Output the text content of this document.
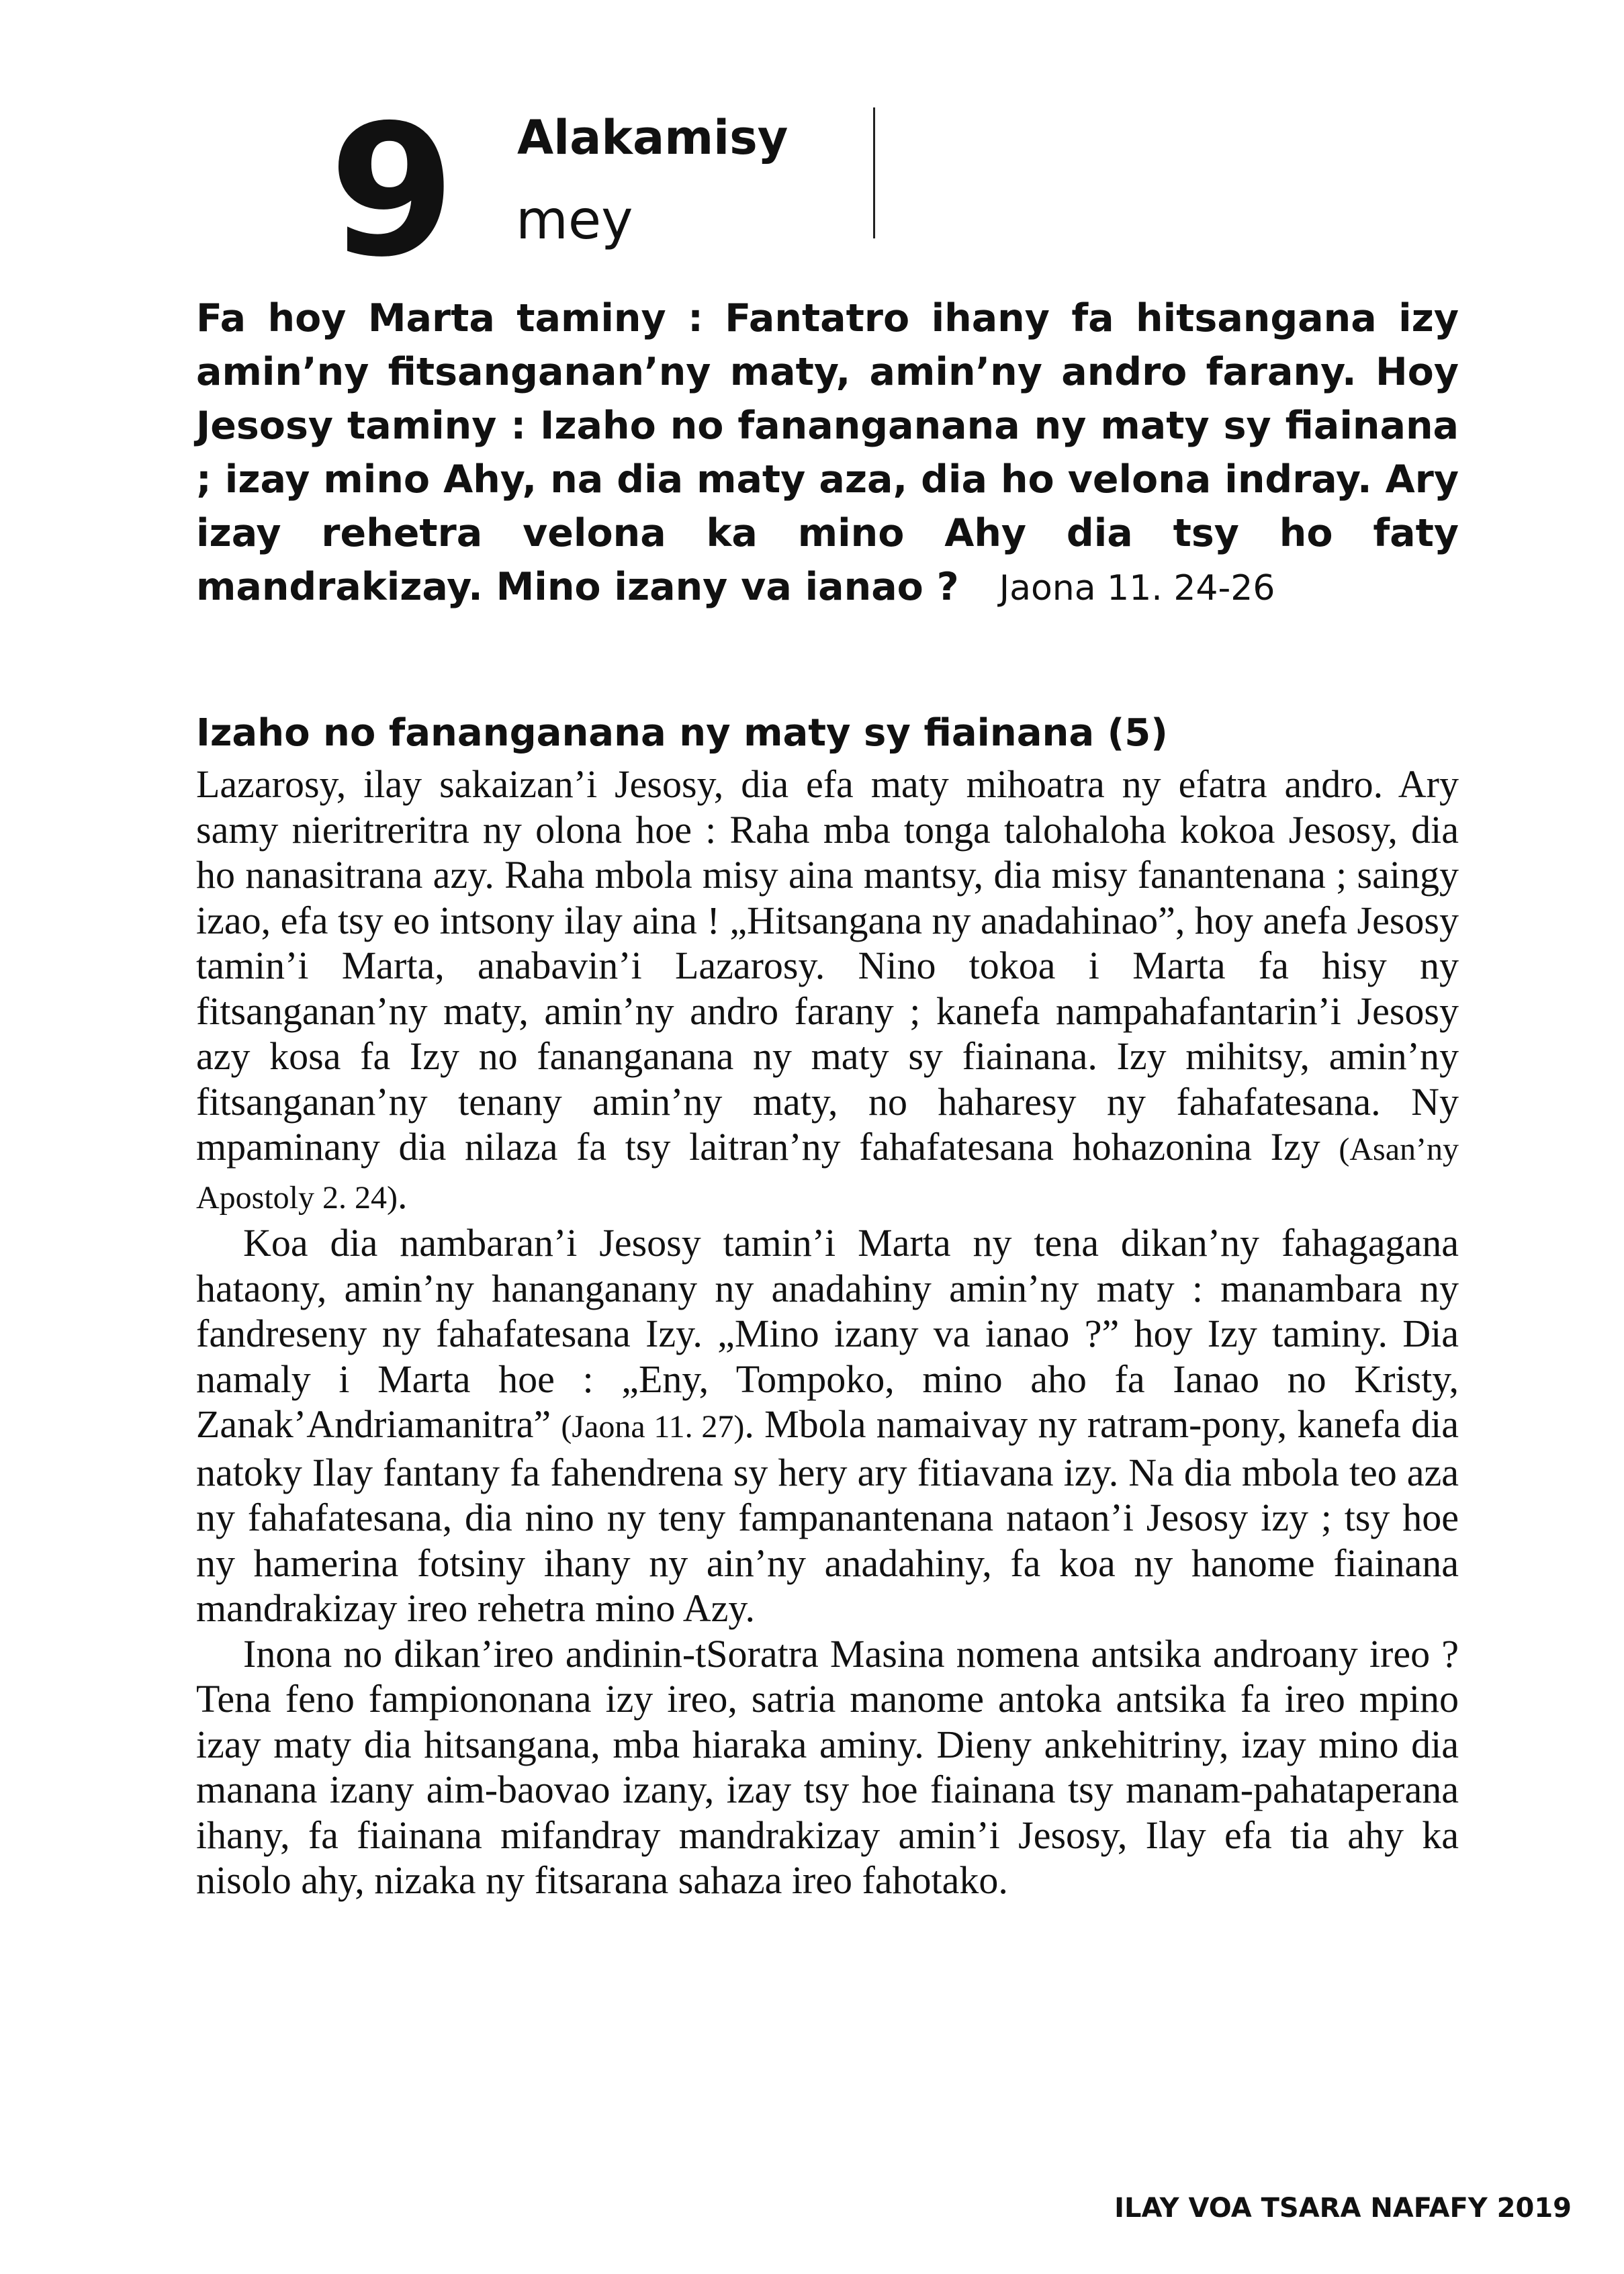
9 Alakamisy
mey
Fa hoy Marta taminy : Fantatro ihany fa hitsangana izy amin’ny fitsanganan’ny maty, amin’ny andro farany. Hoy Jesosy taminy : Izaho no fananganana ny maty sy fiainana ; izay mino Ahy, na dia maty aza, dia ho velona indray. Ary izay rehetra velona ka mino Ahy dia tsy ho faty mandrakizay. Mino izany va ianao ? Jaona 11. 24-26
Izaho no fananganana ny maty sy fiainana (5)

Lazarosy, ilay sakaizan’i Jesosy, dia efa maty mihoatra ny efatra andro. Ary samy nieritreritra ny olona hoe : Raha mba tonga talohaloha kokoa Jesosy, dia ho nanasitrana azy. Raha mbola misy aina mantsy, dia misy fanantenana ; saingy izao, efa tsy eo intsony ilay aina ! „Hitsangana ny anadahinao”, hoy anefa Jesosy tamin’i Marta, anabavin’i Lazarosy. Nino tokoa i Marta fa hisy ny fitsanganan’ny maty, amin’ny andro farany ; kanefa nampahafantarin’i Jesosy azy kosa fa Izy no fananganana ny maty sy fiainana. Izy mihitsy, amin’ny fitsanganan’ny tenany amin’ny maty, no haharesy ny fahafatesana. Ny mpaminany dia nilaza fa tsy laitran’ny fahafatesana hohazonina Izy (Asan’ny Apostoly 2. 24).

Koa dia nambaran’i Jesosy tamin’i Marta ny tena dikan’ny fahagagana hataony, amin’ny hananganany ny anadahiny amin’ny maty : manambara ny fandreseny ny fahafatesana Izy. „Mino izany va ianao ?” hoy Izy taminy. Dia namaly i Marta hoe : „Eny, Tompoko, mino aho fa Ianao no Kristy, Zanak’Andriamanitra” (Jaona 11. 27). Mbola namaivay ny ratram-pony, kanefa dia natoky Ilay fantany fa fahendrena sy hery ary fitiavana izy. Na dia mbola teo aza ny fahafatesana, dia nino ny teny fampanantenana nataon’i Jesosy izy ; tsy hoe ny hamerina fotsiny ihany ny ain’ny anadahiny, fa koa ny hanome fiainana mandrakizay ireo rehetra mino Azy.

Inona no dikan’ireo andinin-tSoratra Masina nomena antsika androany ireo ? Tena feno fampiononana izy ireo, satria manome antoka antsika fa ireo mpino izay maty dia hitsangana, mba hiaraka aminy. Dieny ankehitriny, izay mino dia manana izany aim-baovao izany, izay tsy hoe fiainana tsy manam-pahataperana ihany, fa fiainana mifandray mandrakizay amin’i Jesosy, Ilay efa tia ahy ka nisolo ahy, nizaka ny fitsarana sahaza ireo fahotako.

ILAY VOA TSARA NAFAFY 2019
